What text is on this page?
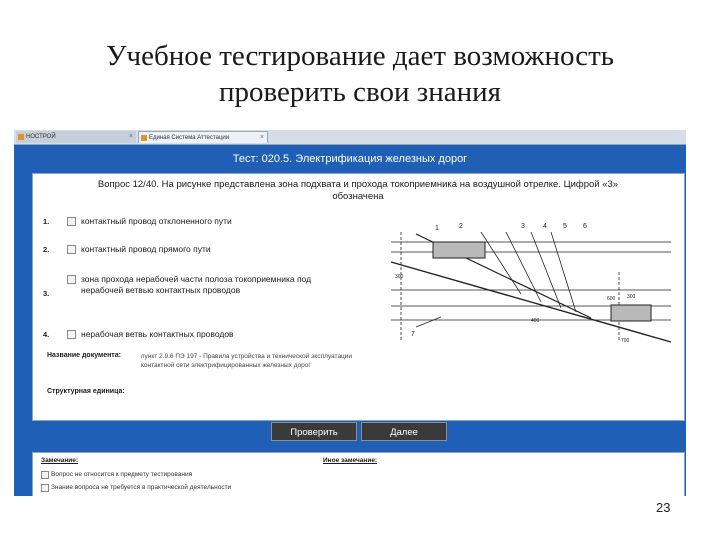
Учебное тестирование дает возможность
проверить свои знания
НОСТРОЙ	×	Единая Система Аттестации	×
Тест: 020.5. Электрификация железных дорог
Вопрос 12/40. На рисунке представлена зона подхвата и прохода токоприемника на воздушной отрелке. Цифрой «3»
обозначена
1.	контактный провод отклоненного пути
2.	контактный провод прямого пути
3.
зона прохода нерабочей части полоза токоприемника под нерабочей ветвью контактных проводов
4.	нерабочая ветвь контактных проводов
Название документа:	пункт 2.9.6 ПЭ 197 - Правила устройства и технической эксплуатации контактной сети электрифицированных железных дорог
Структурная единица:
1	2	3	4 5 6
7
300
600 300
400
700
Проверить	Далее
Замечание:	Иное замечание:
Вопрос не относится к предмету тестирования
Знание вопроса не требуется в практической деятельности
23
